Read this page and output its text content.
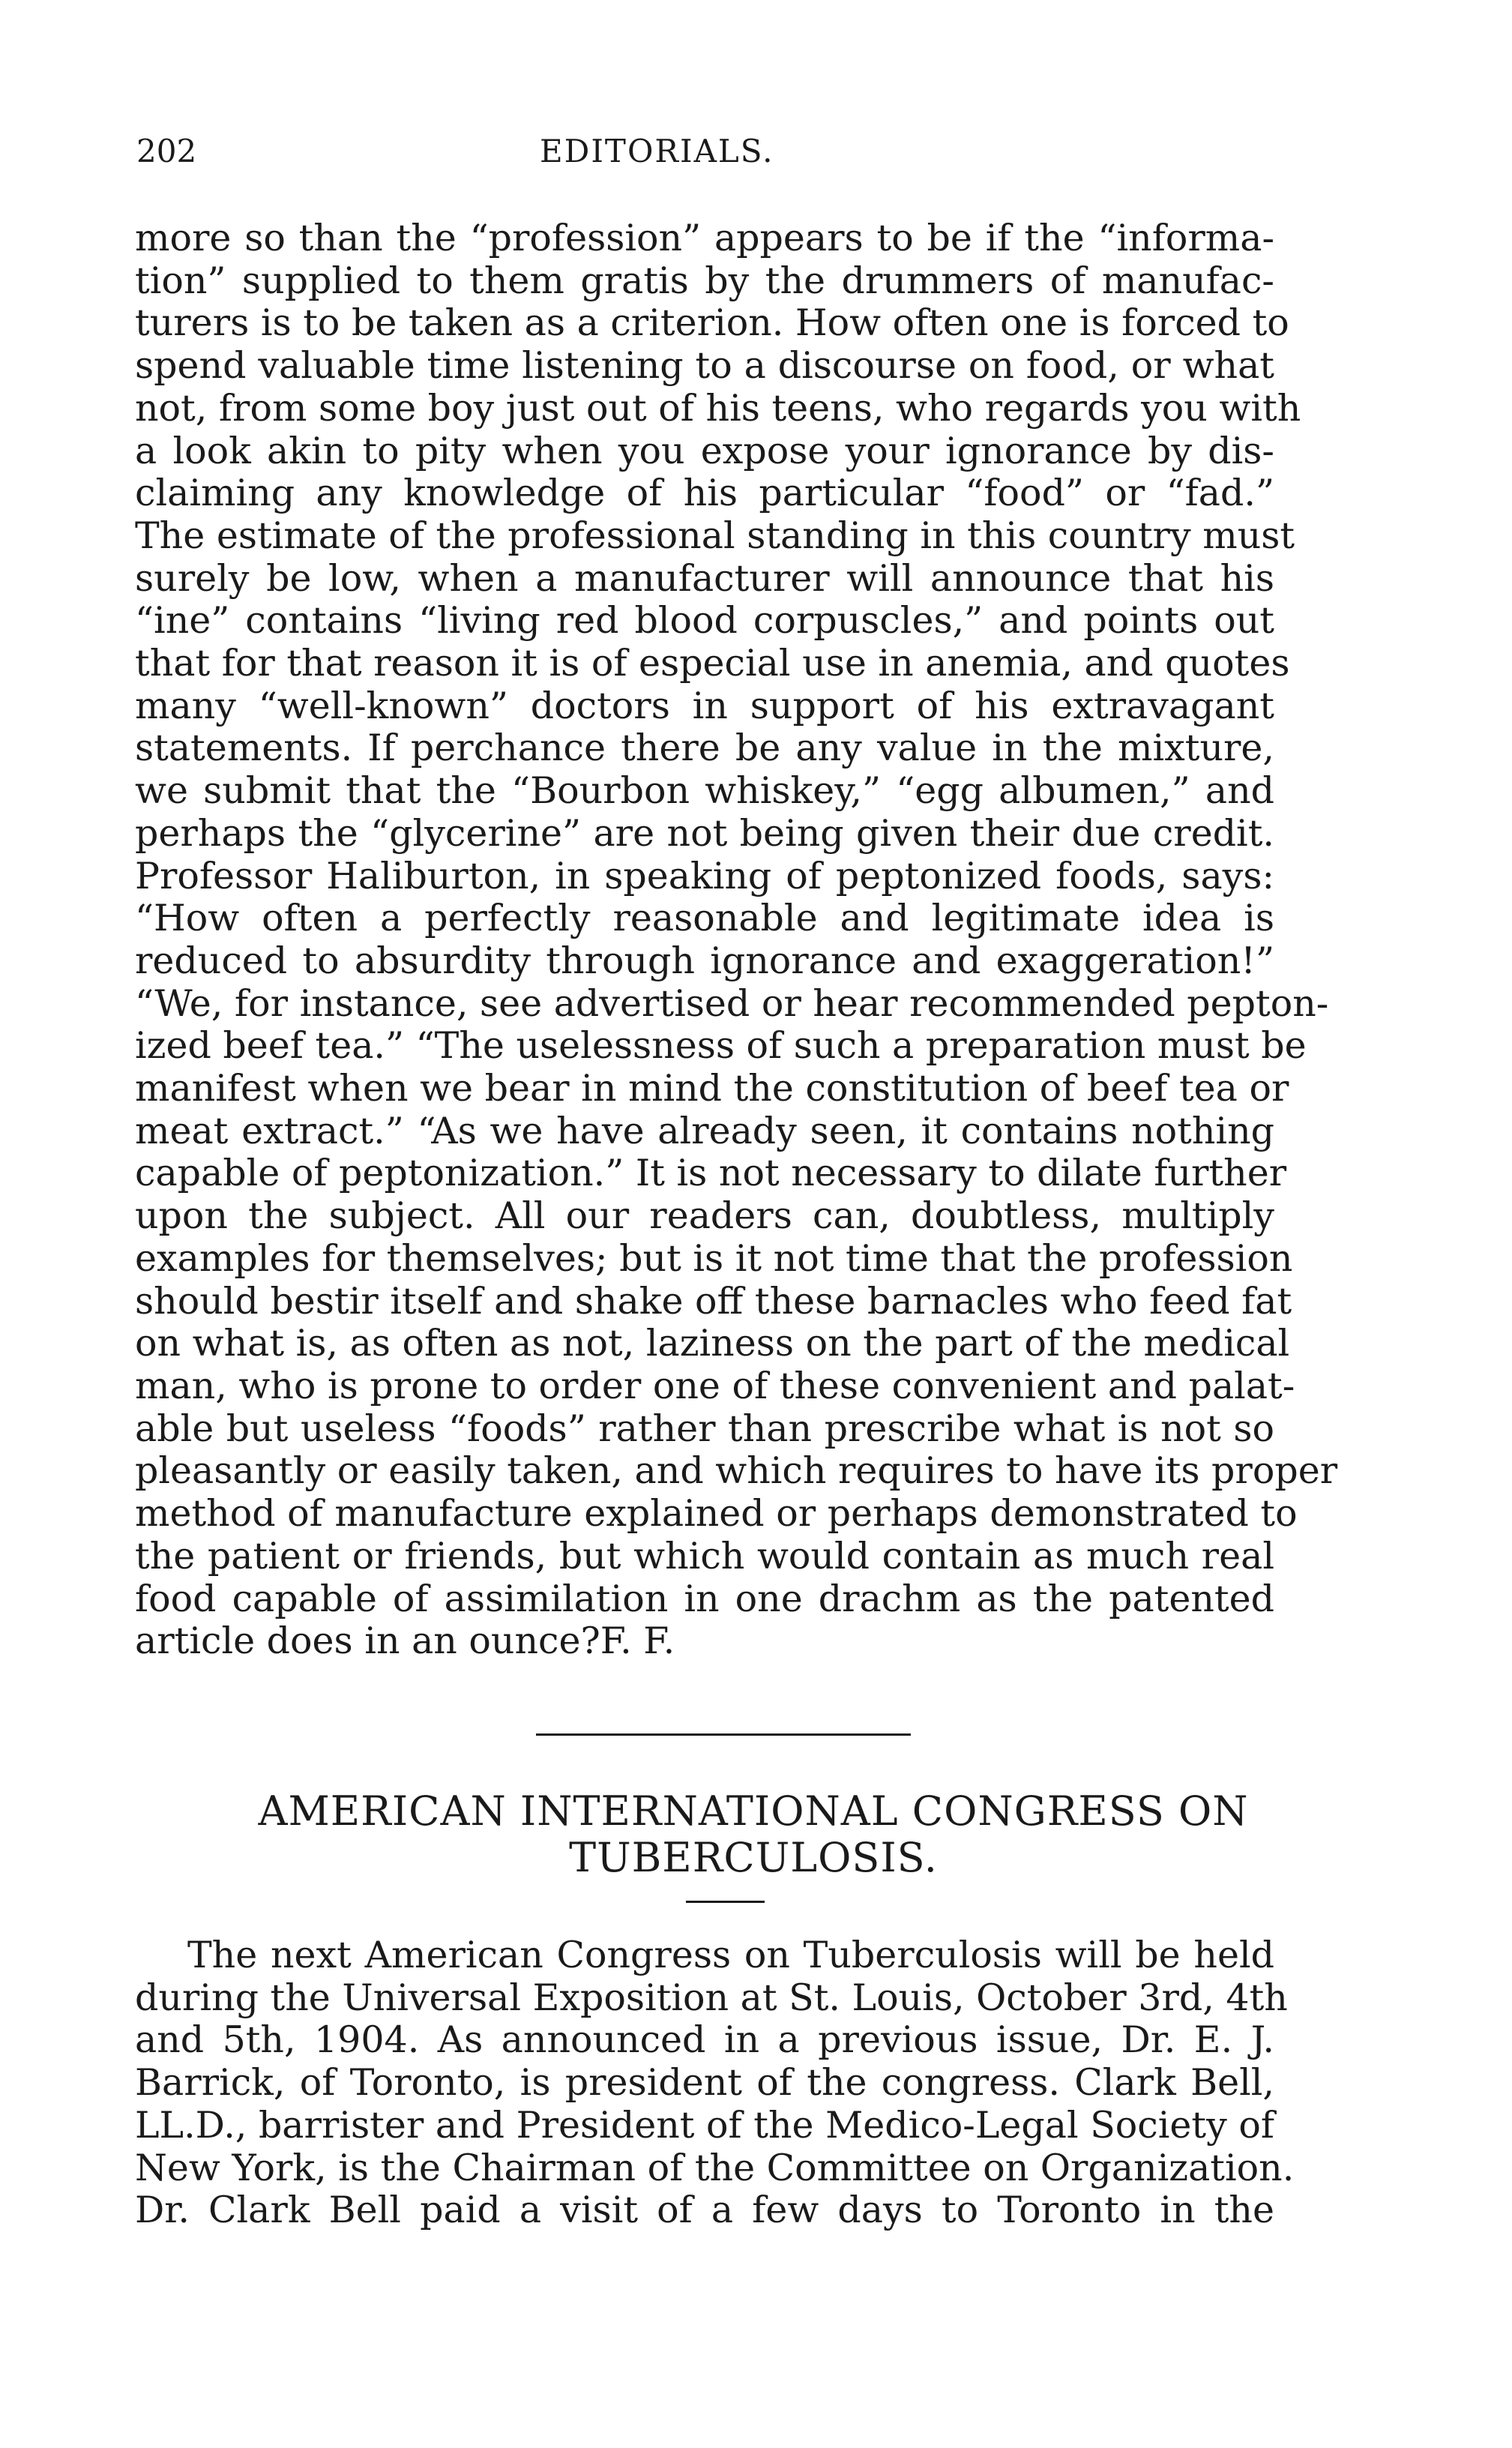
202	EDITORIALS.
more so than the “profession” appears to be if the “informa-
tion” supplied to them gratis by the drummers of manufac-
turers is to be taken as a criterion. How often one is forced to
spend valuable time listening to a discourse on food, or what
not, from some boy just out of his teens, who regards you with
a look akin to pity when you expose your ignorance by dis-
claiming any knowledge of his particular “food” or “fad.”
The estimate of the professional standing in this country must
surely be low, when a manufacturer will announce that his
“ine” contains “living red blood corpuscles,” and points out
that for that reason it is of especial use in anemia, and quotes
many “well-known” doctors in support of his extravagant
statements. If perchance there be any value in the mixture,
we submit that the “Bourbon whiskey,” “egg albumen,” and
perhaps the “glycerine” are not being given their due credit.
Professor Haliburton, in speaking of peptonized foods, says:
“How often a perfectly reasonable and legitimate idea is
reduced to absurdity through ignorance and exaggeration!”
“We, for instance, see advertised or hear recommended pepton-
ized beef tea.” “The uselessness of such a preparation must be
manifest when we bear in mind the constitution of beef tea or
meat extract.” “As we have already seen, it contains nothing
capable of peptonization.” It is not necessary to dilate further
upon the subject. All our readers can, doubtless, multiply
examples for themselves; but is it not time that the profession
should bestir itself and shake off these barnacles who feed fat
on what is, as often as not, laziness on the part of the medical
man, who is prone to order one of these convenient and palat-
able but useless “foods” rather than prescribe what is not so
pleasantly or easily taken, and which requires to have its proper
method of manufacture explained or perhaps demonstrated to
the patient or friends, but which would contain as much real
food capable of assimilation in one drachm as the patented
article does in an ounce?F. F.
AMERICAN INTERNATIONAL CONGRESS ON
TUBERCULOSIS.
The next American Congress on Tuberculosis will be held
during the Universal Exposition at St. Louis, October 3rd, 4th
and 5th, 1904. As announced in a previous issue, Dr. E. J.
Barrick, of Toronto, is president of the congress. Clark Bell,
LL.D., barrister and President of the Medico-Legal Society of
New York, is the Chairman of the Committee on Organization.
Dr. Clark Bell paid a visit of a few days to Toronto in the
